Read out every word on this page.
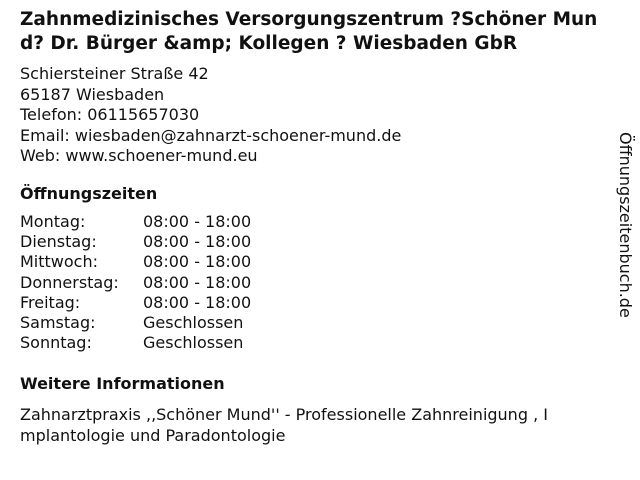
Zahnmedizinisches Versorgungszentrum ?Schöner Mund? Dr. Bürger &amp; Kollegen ? Wiesbaden GbR
Schiersteiner Straße 42
65187 Wiesbaden
Telefon: 06115657030
Email: wiesbaden@zahnarzt-schoener-mund.de
Web: www.schoener-mund.eu
Öffnungszeiten
Montag:	08:00 - 18:00
Dienstag:	08:00 - 18:00
Mittwoch:	08:00 - 18:00
Donnerstag:	08:00 - 18:00
Freitag:	08:00 - 18:00
Samstag:	Geschlossen
Sonntag:	Geschlossen
Weitere Informationen
Zahnarztpraxis ,,Schöner Mund'' - Professionelle Zahnreinigung , Implantologie und Paradontologie
Öffnungszeitenbuch.de
